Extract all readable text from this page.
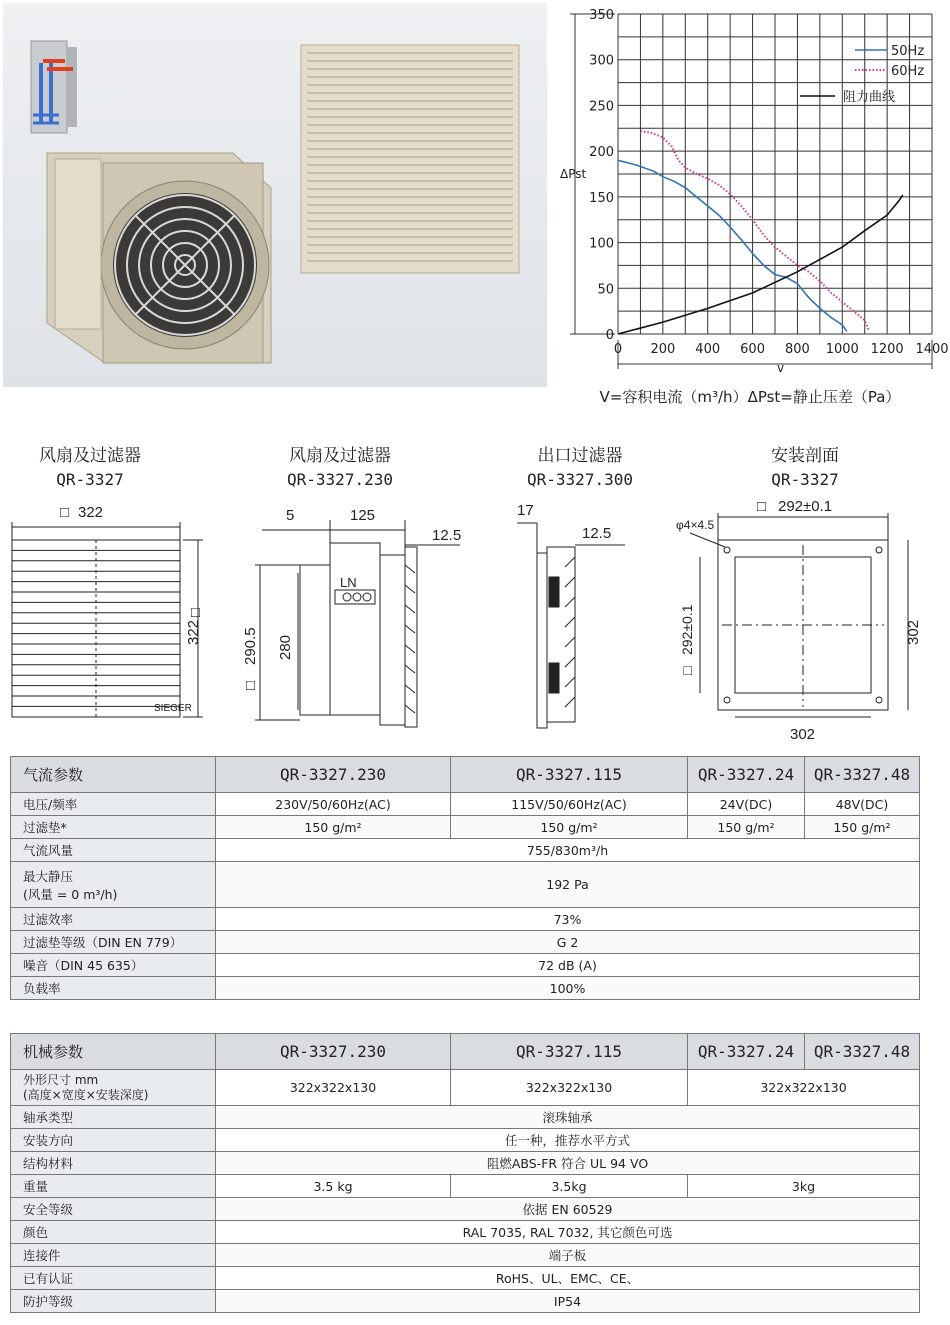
ΔPst
v
0
50
100
150
200
250
300
350
0 200 400 600 800 1000 1200 1400
50Hz
60Hz
阻力曲线
V=容积电流（m³/h）ΔPst=静止压差（Pa）
风扇及过滤器
QR-3327
风扇及过滤器
QR-3327.230
出口过滤器
QR-3327.300
安装剖面
QR-3327
□ 322
SIEGER
322
□
5	125
12.5
LN
290.5
□
280
17
12.5
□ 292±0.1
φ4×4.5
292±0.1
□
302
302
气流参数	QR-3327.230	QR-3327.115	QR-3327.24	QR-3327.48
电压/频率	230V/50/60Hz(AC)	115V/50/60Hz(AC)	24V(DC)	48V(DC)
过滤垫*	150 g/m²	150 g/m²	150 g/m²	150 g/m²
气流风量	755/830m³/h			

最大静压
(风量 = 0 m³/h)	192 Pa			
过滤效率	73%			
过滤垫等级（DIN EN 779）	G 2			
噪音（DIN 45 635）	72 dB (A)			
负载率	100%			
机械参数	QR-3327.230	QR-3327.115	QR-3327.24	QR-3327.48

外形尺寸 mm
(高度×宽度×安装深度)	322x322x130	322x322x130	322x322x130	
轴承类型	滚珠轴承			
安装方向	任一种，推荐水平方式			
结构材料	阻燃ABS-FR 符合 UL 94 VO			
重量	3.5 kg	3.5kg	3kg	
安全等级	依据 EN 60529			
颜色	RAL 7035, RAL 7032, 其它颜色可选			
连接件	端子板			
已有认证	RoHS、UL、EMC、CE、			
防护等级	IP54			
